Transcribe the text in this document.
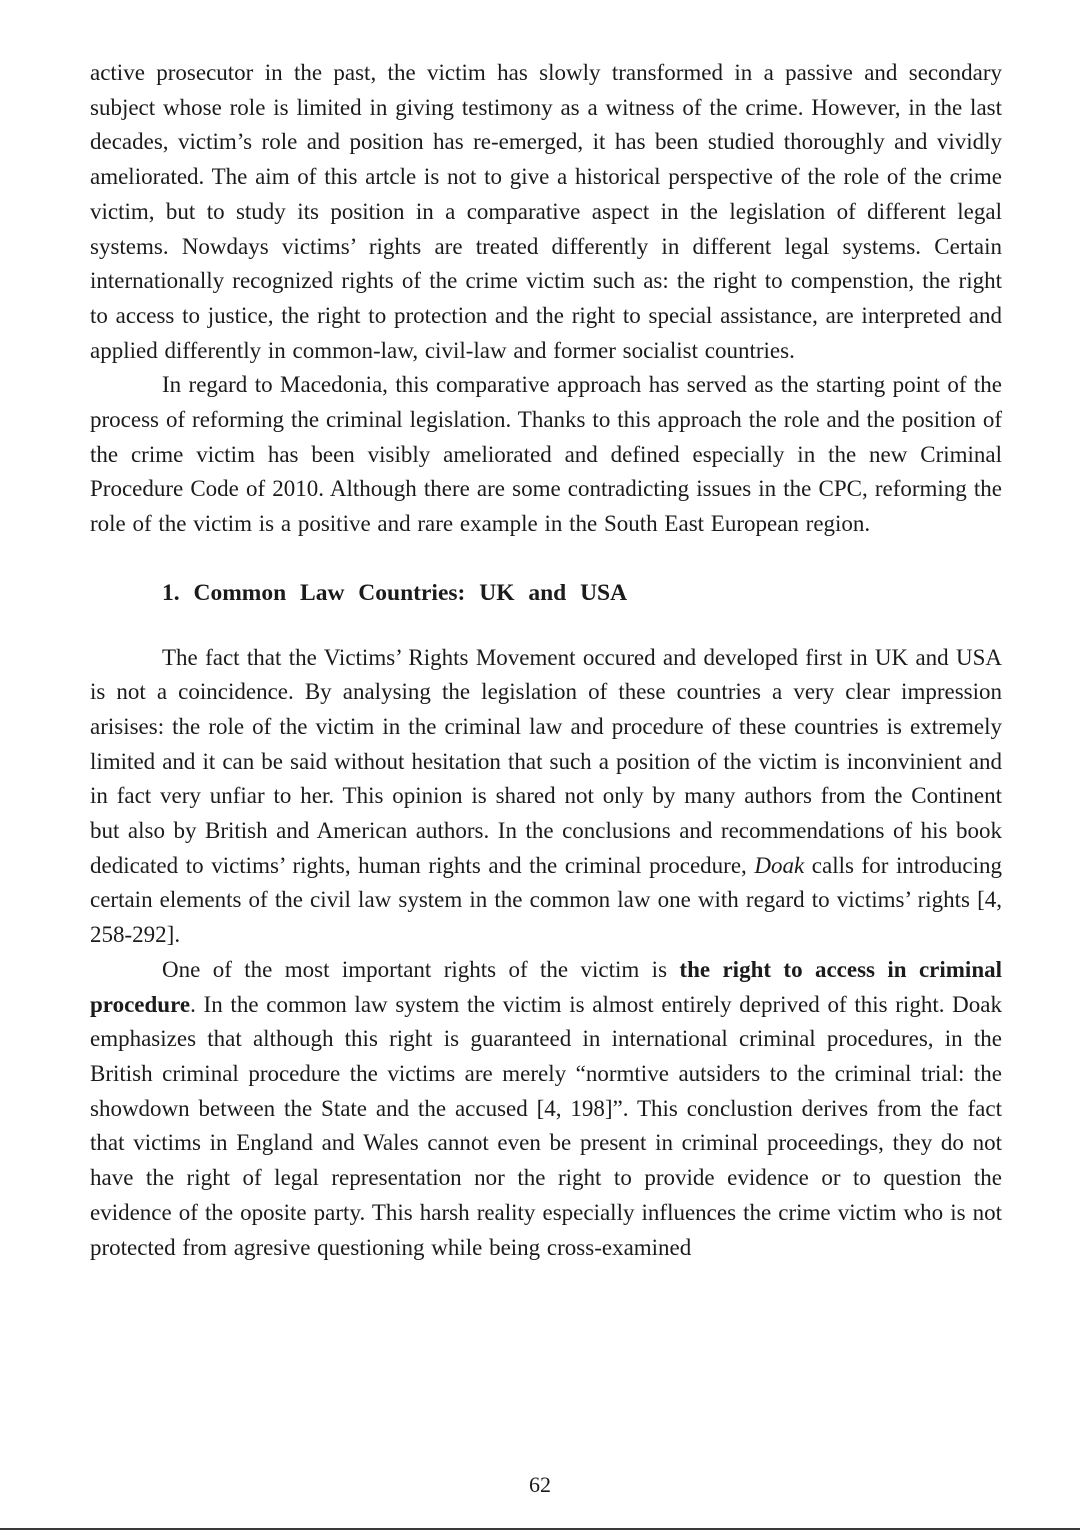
active prosecutor in the past, the victim has slowly transformed in a passive and secondary subject whose role is limited in giving testimony as a witness of the crime. However, in the last decades, victim’s role and position has re-emerged, it has been studied thoroughly and vividly ameliorated. The aim of this artcle is not to give a historical perspective of the role of the crime victim, but to study its position in a comparative aspect in the legislation of different legal systems. Nowdays victims’ rights are treated differently in different legal systems. Certain internationally recognized rights of the crime victim such as: the right to compenstion, the right to access to justice, the right to protection and the right to special assistance, are interpreted and applied differently in common-law, civil-law and former socialist countries.

In regard to Macedonia, this comparative approach has served as the starting point of the process of reforming the criminal legislation. Thanks to this approach the role and the position of the crime victim has been visibly ameliorated and defined especially in the new Criminal Procedure Code of 2010. Although there are some contradicting issues in the CPC, reforming the role of the victim is a positive and rare example in the South East European region.

1. Common Law Countries: UK and USA

The fact that the Victims’ Rights Movement occured and developed first in UK and USA is not a coincidence. By analysing the legislation of these countries a very clear impression arisises: the role of the victim in the criminal law and procedure of these countries is extremely limited and it can be said without hesitation that such a position of the victim is inconvinient and in fact very unfiar to her. This opinion is shared not only by many authors from the Continent but also by British and American authors. In the conclusions and recommendations of his book dedicated to victims’ rights, human rights and the criminal procedure, Doak calls for introducing certain elements of the civil law system in the common law one with regard to victims’ rights [4, 258-292].

One of the most important rights of the victim is the right to access in criminal procedure. In the common law system the victim is almost entirely deprived of this right. Doak emphasizes that although this right is guaranteed in international criminal procedures, in the British criminal procedure the victims are merely “normtive autsiders to the criminal trial: the showdown between the State and the accused [4, 198]”. This conclustion derives from the fact that victims in England and Wales cannot even be present in criminal proceedings, they do not have the right of legal representation nor the right to provide evidence or to question the evidence of the oposite party. This harsh reality especially influences the crime victim who is not protected from agresive questioning while being cross-examined

62
